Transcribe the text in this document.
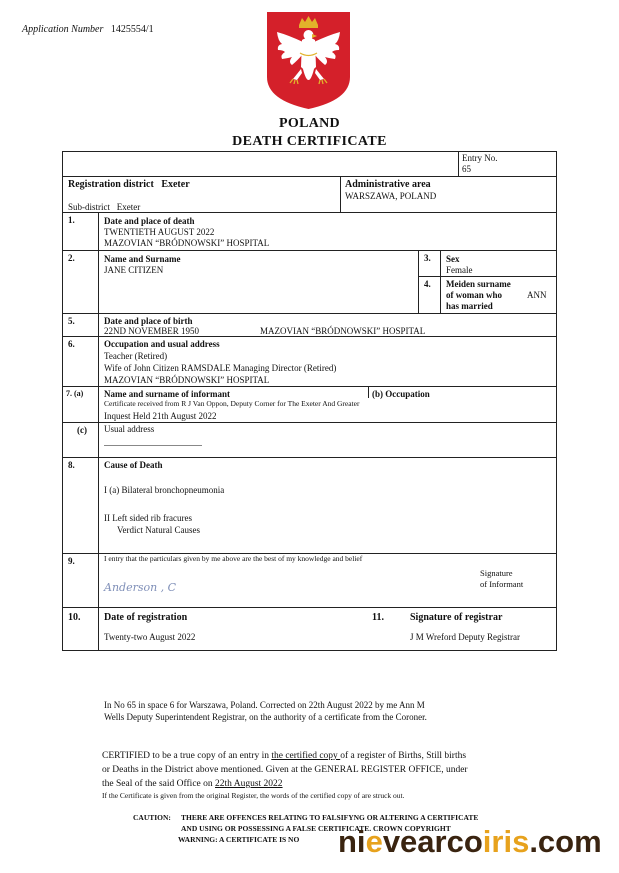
Application Number 1425554/1
POLAND
DEATH CERTIFICATE
Entry No.
65
Registration district Exeter
Sub-district Exeter
Administrative area
WARSZAWA, POLAND
1.	Date and place of death
TWENTIETH AUGUST 2022
MAZOVIAN “BRÓDNOWSKI” HOSPITAL
2.	Name and Surname
JANE CITIZEN
3. Sex
Female
4. Meiden surname
of woman who
has married
ANN
5.	Date and place of birth
22ND NOVEMBER 1950	MAZOVIAN “BRÓDNOWSKI” HOSPITAL
6.	Occupation and usual address
Teacher (Retired)
Wife of John Citizen RAMSDALE Managing Director (Retired)
MAZOVIAN “BRÓDNOWSKI” HOSPITAL
7. (a) Name and surname of informant	(b) Occupation
Certificate received from R J Van Oppon, Deputy Corner for The Exeter And Greater
Inquest Held 21th August 2022
(c) Usual address
8.	Cause of Death
I (a) Bilateral bronchopneumonia
II Left sided rib fracures
Verdict Natural Causes
9.	I entry that the particulars given by me above are the best of my knowledge and belief
Signature
of Informant
Anderson , C
10. Date of registration
Twenty-two August 2022
11.	Signature of registrar
J M Wreford Deputy Registrar
In No 65 in space 6 for Warszawa, Poland. Corrected on 22th August 2022 by me Ann M
Wells Deputy Superintendent Registrar, on the authority of a certificate from the Coroner.
CERTIFIED to be a true copy of an entry in the certified copy of a register of Births, Still births
or Deaths in the District above mentioned. Given at the GENERAL REGISTER OFFICE, under
the Seal of the said Office on 22th August 2022
If the Certificate is given from the original Register, the words of the certified copy of are struck out.
CAUTION: THERE ARE OFFENCES RELATING TO FALSIFYNG OR ALTERING A CERTIFICATE
AND USING OR POSSESSING A FALSE CERTIFICATE. CROWN COPYRIGHT
WARNING: A CERTIFICATE IS NO nievearcoiris.com
